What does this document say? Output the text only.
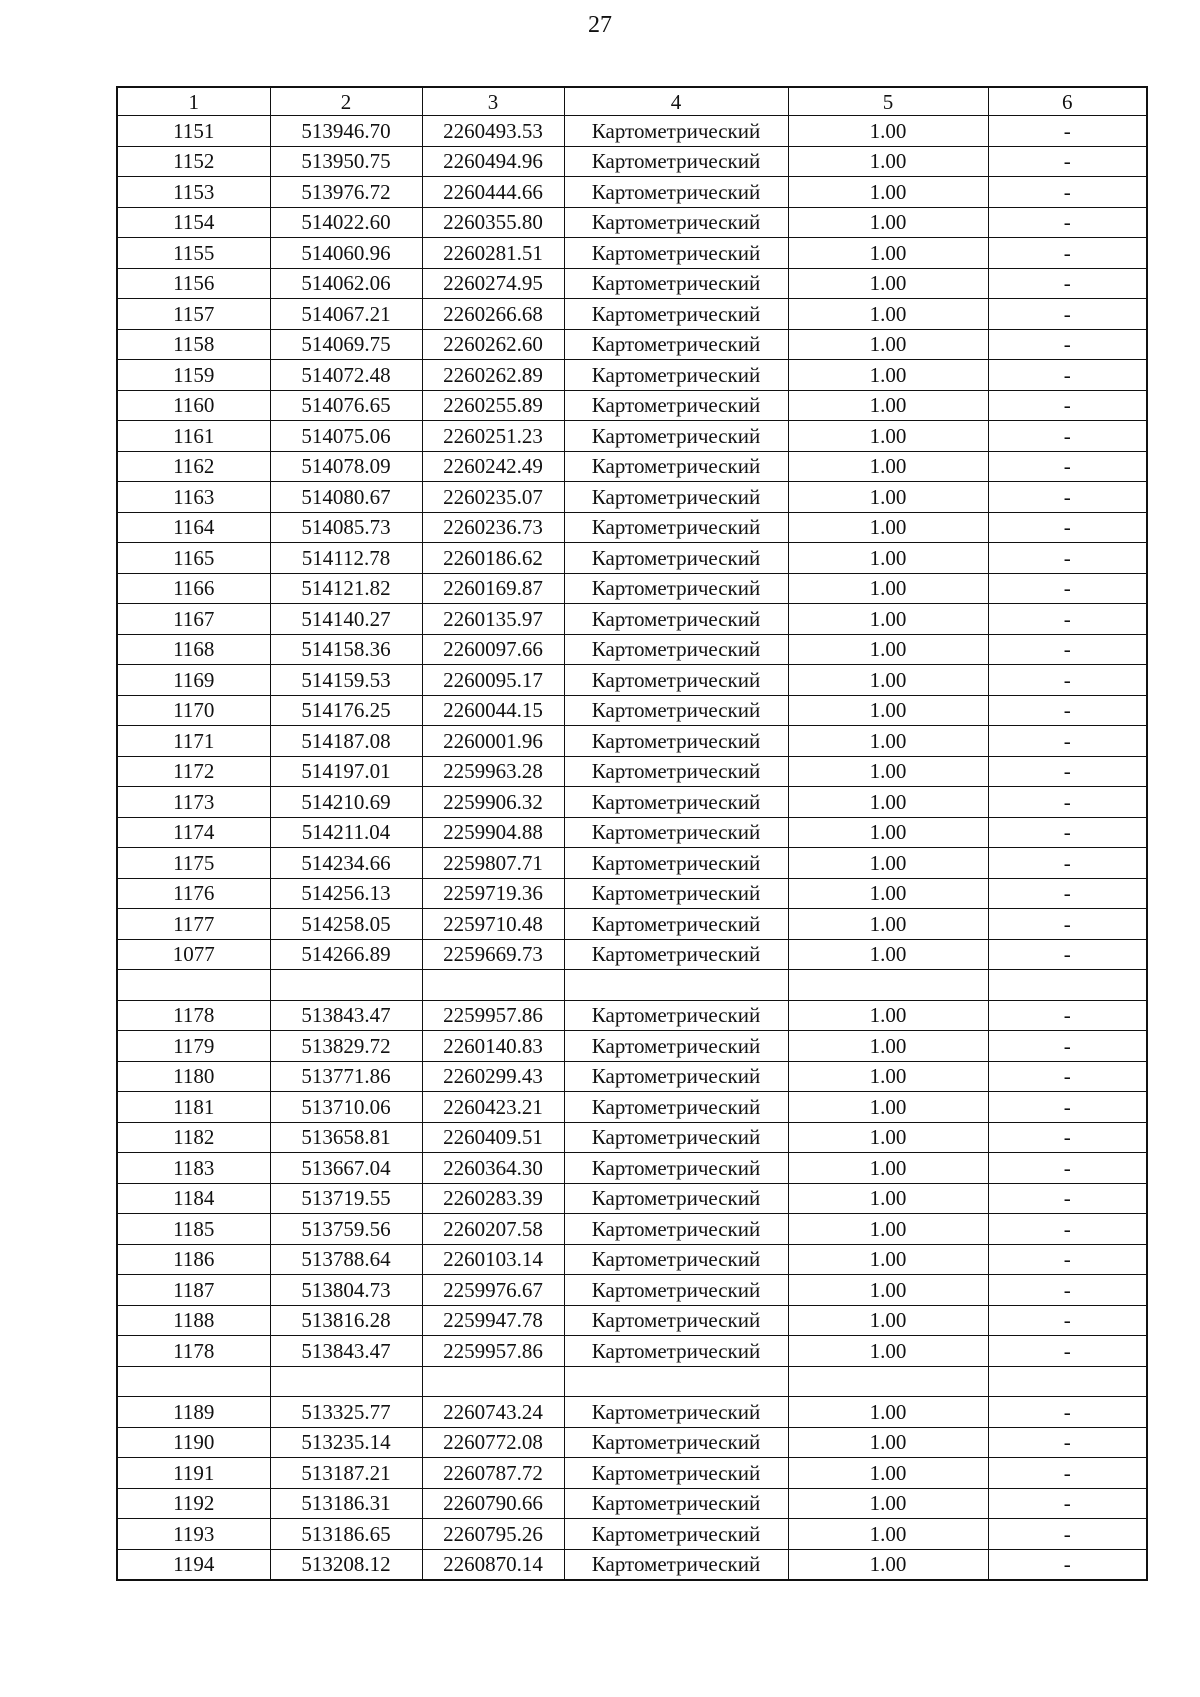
27
1	2	3	4	5	6
1151	513946.70	2260493.53	Картометрический	1.00	-
1152	513950.75	2260494.96	Картометрический	1.00	-
1153	513976.72	2260444.66	Картометрический	1.00	-
1154	514022.60	2260355.80	Картометрический	1.00	-
1155	514060.96	2260281.51	Картометрический	1.00	-
1156	514062.06	2260274.95	Картометрический	1.00	-
1157	514067.21	2260266.68	Картометрический	1.00	-
1158	514069.75	2260262.60	Картометрический	1.00	-
1159	514072.48	2260262.89	Картометрический	1.00	-
1160	514076.65	2260255.89	Картометрический	1.00	-
1161	514075.06	2260251.23	Картометрический	1.00	-
1162	514078.09	2260242.49	Картометрический	1.00	-
1163	514080.67	2260235.07	Картометрический	1.00	-
1164	514085.73	2260236.73	Картометрический	1.00	-
1165	514112.78	2260186.62	Картометрический	1.00	-
1166	514121.82	2260169.87	Картометрический	1.00	-
1167	514140.27	2260135.97	Картометрический	1.00	-
1168	514158.36	2260097.66	Картометрический	1.00	-
1169	514159.53	2260095.17	Картометрический	1.00	-
1170	514176.25	2260044.15	Картометрический	1.00	-
1171	514187.08	2260001.96	Картометрический	1.00	-
1172	514197.01	2259963.28	Картометрический	1.00	-
1173	514210.69	2259906.32	Картометрический	1.00	-
1174	514211.04	2259904.88	Картометрический	1.00	-
1175	514234.66	2259807.71	Картометрический	1.00	-
1176	514256.13	2259719.36	Картометрический	1.00	-
1177	514258.05	2259710.48	Картометрический	1.00	-
1077	514266.89	2259669.73	Картометрический	1.00	-

1178	513843.47	2259957.86	Картометрический	1.00	-
1179	513829.72	2260140.83	Картометрический	1.00	-
1180	513771.86	2260299.43	Картометрический	1.00	-
1181	513710.06	2260423.21	Картометрический	1.00	-
1182	513658.81	2260409.51	Картометрический	1.00	-
1183	513667.04	2260364.30	Картометрический	1.00	-
1184	513719.55	2260283.39	Картометрический	1.00	-
1185	513759.56	2260207.58	Картометрический	1.00	-
1186	513788.64	2260103.14	Картометрический	1.00	-
1187	513804.73	2259976.67	Картометрический	1.00	-
1188	513816.28	2259947.78	Картометрический	1.00	-
1178	513843.47	2259957.86	Картометрический	1.00	-

1189	513325.77	2260743.24	Картометрический	1.00	-
1190	513235.14	2260772.08	Картометрический	1.00	-
1191	513187.21	2260787.72	Картометрический	1.00	-
1192	513186.31	2260790.66	Картометрический	1.00	-
1193	513186.65	2260795.26	Картометрический	1.00	-
1194	513208.12	2260870.14	Картометрический	1.00	-
